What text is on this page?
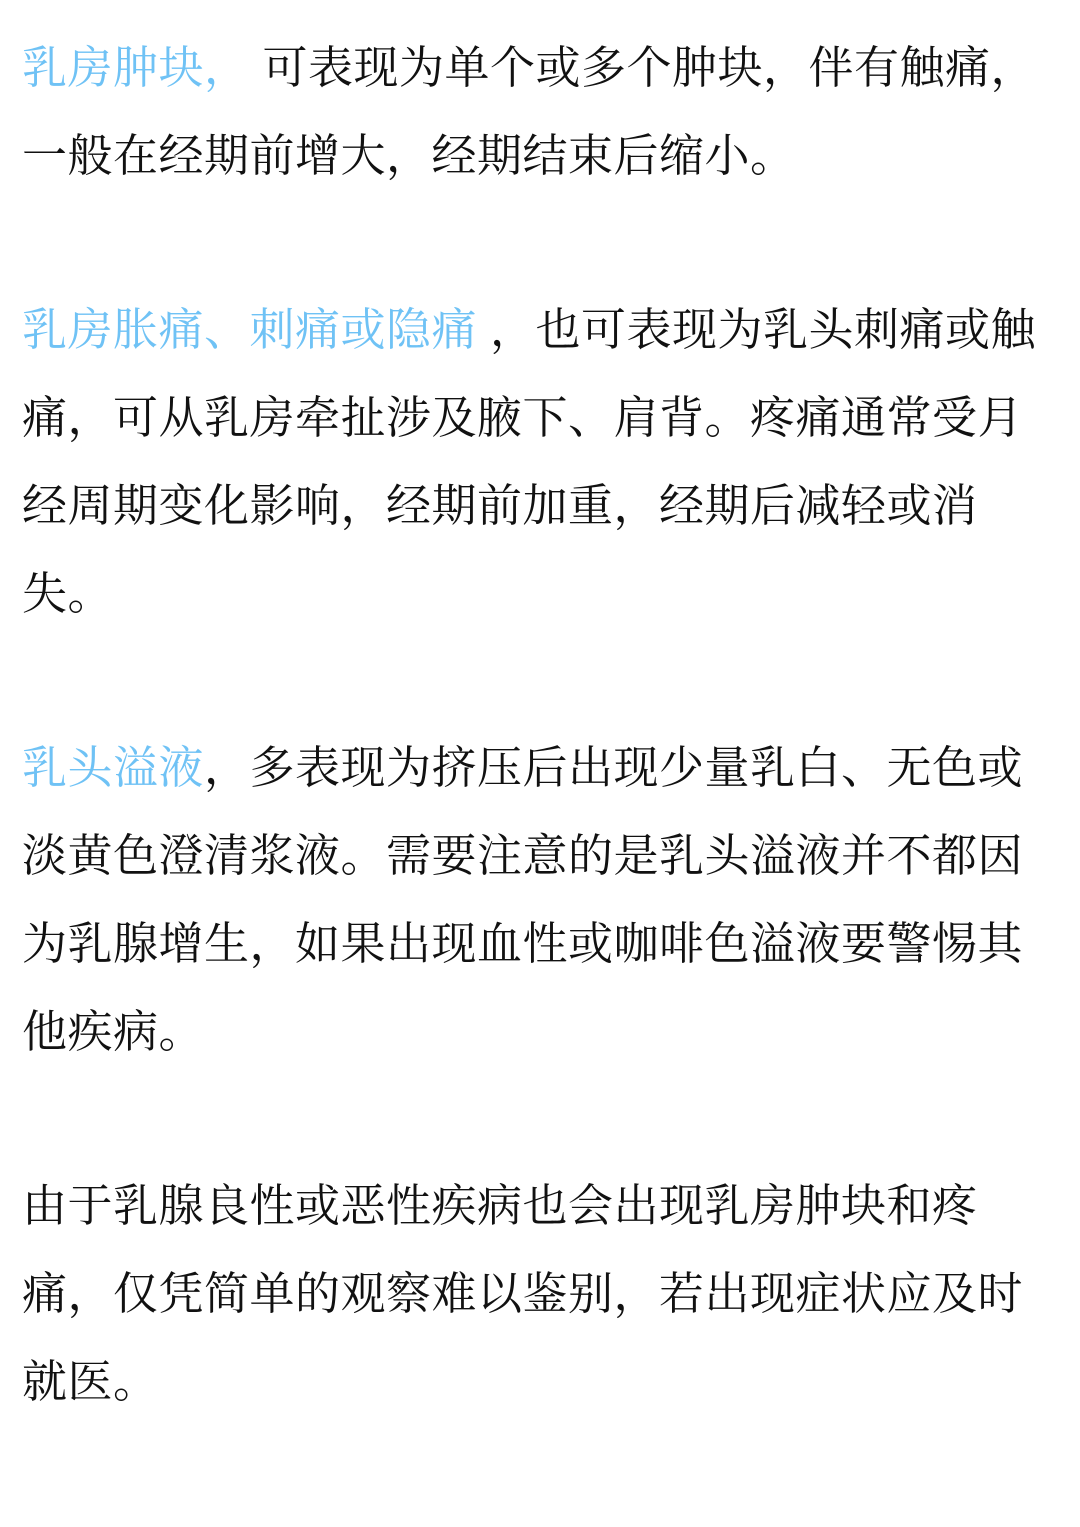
乳房肿块， 可表现为单个或多个肿块，伴有触痛，一般在经期前增大，经期结束后缩小。

乳房胀痛、刺痛或隐痛 ，也可表现为乳头刺痛或触痛，可从乳房牵扯涉及腋下、肩背。疼痛通常受月经周期变化影响，经期前加重，经期后减轻或消失。

乳头溢液，多表现为挤压后出现少量乳白、无色或淡黄色澄清浆液。需要注意的是乳头溢液并不都因为乳腺增生，如果出现血性或咖啡色溢液要警惕其他疾病。

由于乳腺良性或恶性疾病也会出现乳房肿块和疼痛，仅凭简单的观察难以鉴别，若出现症状应及时就医。
